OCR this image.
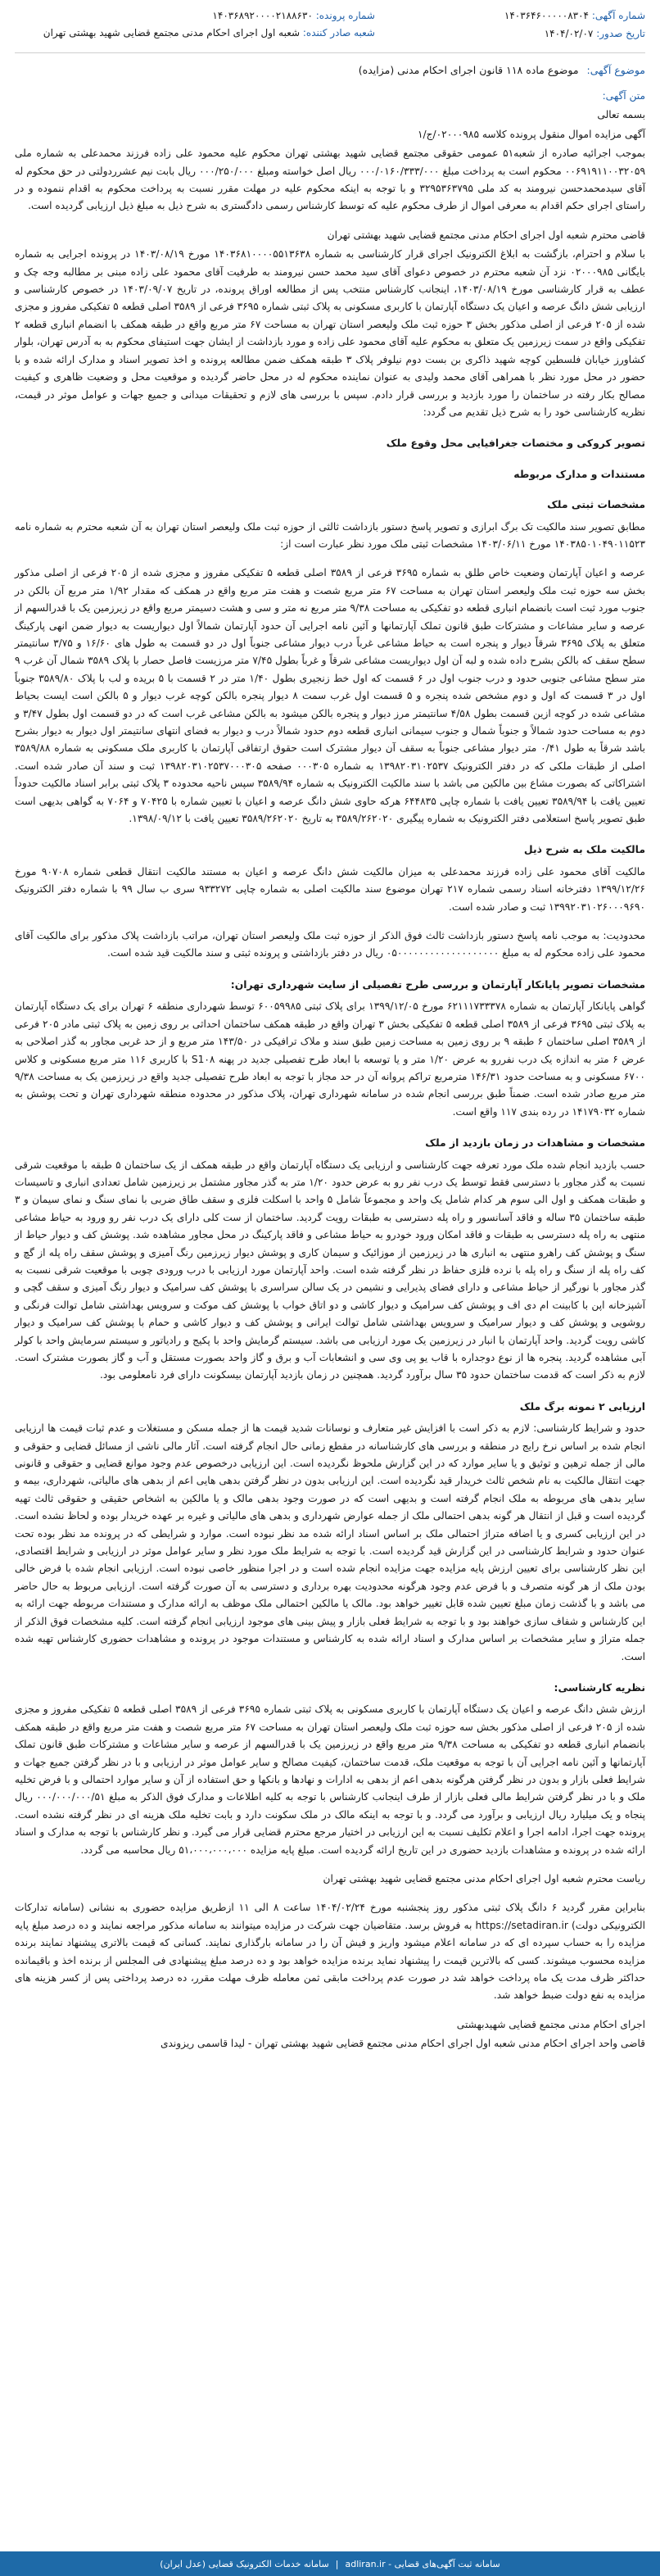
شماره آگهی: ۱۴۰۳۶۴۶۰۰۰۰۰۸۳۰۴
تاریخ صدور: ۱۴۰۴/۰۲/۰۷
شماره پرونده: ۱۴۰۳۶۸۹۲۰۰۰۰۲۱۸۸۶۳۰
شعبه صادر کننده: شعبه اول اجرای احکام مدنی مجتمع قضایی شهید بهشتی تهران
موضوع آگهی: موضوع ماده ۱۱۸ قانون اجرای احکام مدنی (مزایده)

متن آگهی:

بسمه تعالی

آگهی مزایده اموال منقول پرونده کلاسه ۰۲۰۰۰۹۸۵/ج/۱

بموجب اجرائیه صادره از شعبه۵۱ عمومی حقوقی مجتمع قضایی شهید بهشتی تهران محکوم علیه محمود علی زاده فرزند محمدعلی به شماره ملی ۰۰۶۹۱۹۱۱۰۰۳۲۰۵۹ محکوم است به پرداخت مبلغ ۰۰۰/۰۱۶۰/۳۳۳/۰۰۰ ریال اصل خواسته ومبلغ ۰۰۰/۲۵۰/۰۰۰ ریال بابت نیم عشرردولتی در حق محکوم له آقای سیدمحمدحسن نیرومند به کد ملی ۳۲۹۵۳۶۳۷۹۵ و با توجه به اینکه محکوم علیه در مهلت مقرر نسبت به پرداخت محکوم به اقدام ننموده و در راستای اجرای حکم اقدام به معرفی اموال از طرف محکوم علیه که توسط کارشناس رسمی دادگستری به شرح ذیل به مبلغ ذیل ارزیابی گردیده است.

قاضی محترم شعبه اول اجرای احکام مدنی مجتمع قضایی شهید بهشتی تهران

با سلام و احترام، بازگشت به ابلاغ الکترونیک اجرای قرار کارشناسی به شماره ۱۴۰۳۶۸۱۰۰۰۰۵۵۱۳۶۳۸ مورخ ۱۴۰۳/۰۸/۱۹ در پرونده اجرایی به شماره بایگانی ۰۲۰۰۰۹۸۵ نزد آن شعبه محترم در خصوص دعوای آقای سید محمد حسن نیرومند به طرفیت آقای محمود علی زاده مبنی بر مطالبه وجه چک و عطف به قرار کارشناسی مورخ ۱۴۰۳/۰۸/۱۹، اینجانب کارشناس منتخب پس از مطالعه اوراق پرونده، در تاریخ ۱۴۰۳/۰۹/۰۷ در خصوص کارشناسی و ارزیابی شش دانگ عرصه و اعیان یک دستگاه آپارتمان با کاربری مسکونی به پلاک ثبتی شماره ۳۶۹۵ فرعی از ۳۵۸۹ اصلی قطعه ۵ تفکیکی مفروز و مجزی شده از ۲۰۵ فرعی از اصلی مذکور بخش ۳ حوزه ثبت ملک ولیعصر استان تهران به مساحت ۶۷ متر مربع واقع در طبقه همکف با انضمام انباری قطعه ۲ تفکیکی واقع در سمت زیرزمین یک متعلق به محکوم علیه آقای محمود علی زاده و مورد بازداشت از ایشان جهت استیفای محکوم به به آدرس تهران، بلوار کشاورز خیابان فلسطین کوچه شهید ذاکری بن بست دوم نیلوفر پلاک ۳ طبقه همکف ضمن مطالعه پرونده و اخذ تصویر اسناد و مدارک ارائه شده و با حضور در محل مورد نظر با همراهی آقای محمد ولیدی به عنوان نماینده محکوم له در محل حاضر گردیده و موقعیت محل و وضعیت ظاهری و کیفیت مصالح بکار رفته در ساختمان را مورد بازدید و بررسی قرار دادم. سپس با بررسی های لازم و تحقیقات میدانی و جمیع جهات و عوامل موثر در قیمت، نظریه کارشناسی خود را به شرح ذیل تقدیم می گردد:

تصویر کروکی و مختصات جغرافیایی محل وقوع ملک
مستندات و مدارک مربوطه
مشخصات ثبتی ملک

مطابق تصویر سند مالکیت تک برگ ابرازی و تصویر پاسخ دستور بازداشت ثالثی از حوزه ثبت ملک ولیعصر استان تهران به آن شعبه محترم به شماره نامه ۱۴۰۳۸۵۰۱۰۴۹۰۱۱۵۲۳ مورخ ۱۴۰۳/۰۶/۱۱ مشخصات ثبتی ملک مورد نظر عبارت است از:

عرصه و اعیان آپارتمان وضعیت خاص طلق به شماره ۳۶۹۵ فرعی از ۳۵۸۹ اصلی قطعه ۵ تفکیکی مفروز و مجزی شده از ۲۰۵ فرعی از اصلی مذکور بخش سه حوزه ثبت ملک ولیعصر استان تهران به مساحت ۶۷ متر مربع شصت و هفت متر مربع واقع در همکف که مقدار ۱/۹۲ متر مربع آن بالکن در جنوب مورد ثبت است بانضمام انباری قطعه دو تفکیکی به مساحت ۹/۳۸ متر مربع نه متر و سی و هشت دسیمتر مربع واقع در زیرزمین یک با قدرالسهم از عرصه و سایر مشاعات و مشترکات طبق قانون تملک آپارتمانها و آئین نامه اجرایی آن حدود آپارتمان شمالاً اول دیواریست به دیوار ضمن انهی پارکینگ متعلق به پلاک ۳۶۹۵ شرقاً دیوار و پنجره است به حیاط مشاعی غرباً درب دیوار مشاعی جنوباً اول در دو قسمت به طول های ۱۶/۶۰ و ۳/۷۵ سانتیمتر سطح سقف که بالکن بشرح داده شده و لبه آن اول دیواریست مشاعی شرقاً و غرباً بطول ۷/۴۵ متر مرزیست فاصل حصار با پلاک ۳۵۸۹ شمال آن غرب ۹ متر سطح مشاعی جنوبی حدود و درب جنوب اول در ۶ قسمت که اول خط زنجیری بطول ۱/۴۰ متر در ۲ قسمت با ۵ بریده و لب با پلاک ۳۵۸۹/۸۰ جنوباً اول در ۳ قسمت که اول و دوم مشخص شده پنجره و ۵ قسمت اول غرب سمت ۸ دیوار پنجره بالکن کوچه غرب دیوار و ۵ بالکن است ایست بحیاط مشاعی شده در کوچه ازین قسمت بطول ۴/۵۸ سانتیمتر مرز دیوار و پنجره بالکن میشود به بالکن مشاعی غرب است که در دو قسمت اول بطول ۳/۴۷ و دوم به مساحت حدود شمالاً و جنوباً شمال و جنوب سیمانی انباری قطعه دوم حدود شمالاً درب و دیوار به فضای انتهای سانتیمتر اول دیوار به دیوار بشرح باشد شرقاً به طول ۰/۴۱ متر دیوار مشاعی جنوباً به سقف آن دیوار مشترک است حقوق ارتفاقی آپارتمان با کاربری ملک مسکونی به شماره ۳۵۸۹/۸۸ اصلی از طبقات ملکی که در دفتر الکترونیک ۱۳۹۸۲۰۳۱۰۲۵۳۷ به شماره ۰۰۰۳۰۵ صفحه ۱۳۹۸۲۰۳۱۰۲۵۳۷۰۰۰۳۰۵ ثبت و سند آن صادر شده است. اشتراکاتی که بصورت مشاع بین مالکین می باشد با سند مالکیت الکترونیک به شماره ۳۵۸۹/۹۴ سپس ناحیه محدوده ۳ پلاک ثبتی برابر اسناد مالکیت حدوداً تعیین یافت با ۳۵۸۹/۹۴ تعیین یافت با شماره چاپی ۶۴۴۸۳۵ هرکه حاوی شش دانگ عرصه و اعیان با تعیین شماره با ۷۰۴۲۵ و ۷۰۶۴ به گواهی بدیهی است طبق تصویر پاسخ استعلامی دفتر الکترونیک به شماره پیگیری ۳۵۸۹/۲۶۲۰۲۰ به تاریخ ۳۵۸۹/۲۶۲۰۲۰ تعیین یافت با ۱۳۹۸/۰۹/۱۲.

مالکیت ملک به شرح ذیل

مالکیت آقای محمود علی زاده فرزند محمدعلی به میزان مالکیت شش دانگ عرصه و اعیان به مستند مالکیت انتقال قطعی شماره ۹۰۷۰۸ مورخ ۱۳۹۹/۱۲/۲۶ دفترخانه اسناد رسمی شماره ۲۱۷ تهران موضوع سند مالکیت اصلی به شماره چاپی ۹۳۳۲۷۲ سری ب سال ۹۹ با شماره دفتر الکترونیک ۱۳۹۹۲۰۳۱۰۲۶۰۰۰۹۶۹۰ ثبت و صادر شده است.

محدودیت: به موجب نامه پاسخ دستور بازداشت ثالث فوق الذکر از حوزه ثبت ملک ولیعصر استان تهران، مراتب بازداشت پلاک مذکور برای مالکیت آقای محمود علی زاده محکوم له به مبلغ ۰۵۰۰۰۰۰۰۰۰۰۰۰۰۰۰۰۰۰۰۰ ریال در دفتر بازداشتی و پرونده ثبتی و سند مالکیت قید شده است.

مشخصات تصویر پایانکار آپارتمان و بررسی طرح تفصیلی از سایت شهرداری تهران:

گواهی پایانکار آپارتمان به شماره ۶۲۱۱۱۷۳۳۳۷۸ مورخ ۱۳۹۹/۱۲/۰۵ برای پلاک ثبتی ۶۰۰۵۹۹۸۵ توسط شهرداری منطقه ۶ تهران برای یک دستگاه آپارتمان به پلاک ثبتی ۳۶۹۵ فرعی از ۳۵۸۹ اصلی قطعه ۵ تفکیکی بخش ۳ تهران واقع در طبقه همکف ساختمان احداثی بر روی زمین به پلاک ثبتی مادر ۲۰۵ فرعی از ۳۵۸۹ اصلی ساختمان ۶ طبقه ۹ بر روی زمین به مساحت زمین طبق سند و ملاک ترافیکی در ۱۴۳/۵۰ متر مربع و از حد غربی مجاور به گذر اصلاحی به عرض ۶ متر به اندازه یک درب نفررو به عرض ۱/۲۰ متر و یا توسعه با ابعاد طرح تفصیلی جدید در پهنه S1۰۸ با کاربری ۱۱۶ متر مربع مسکونی و کلاس ۶۷۰۰ مسکونی و به مساحت حدود ۱۴۶/۳۱ مترمربع تراکم پروانه آن در حد مجاز با توجه به ابعاد طرح تفصیلی جدید واقع در زیرزمین یک به مساحت ۹/۳۸ متر مربع صادر شده است. ضمناً طبق بررسی انجام شده در سامانه شهرداری تهران، پلاک مذکور در محدوده منطقه شهرداری تهران و تحت پوشش به شماره ۱۴۱۷۹۰۳۲ در رده بندی ۱۱۷ واقع است.

مشخصات و مشاهدات در زمان بازدید از ملک

حسب بازدید انجام شده ملک مورد تعرفه جهت کارشناسی و ارزیابی یک دستگاه آپارتمان واقع در طبقه همکف از یک ساختمان ۵ طبقه با موقعیت شرقی نسبت به گذر مجاور با دسترسی فقط توسط یک درب نفر رو به عرض حدود ۱/۲۰ متر به گذر مجاور مشتمل بر زیرزمین شامل تعدادی انباری و تاسیسات و طبقات همکف و اول الی سوم هر کدام شامل یک واحد و مجموعاً شامل ۵ واحد با اسکلت فلزی و سقف طاق ضربی با نمای سنگ و نمای سیمان و ۳ طبقه ساختمان ۳۵ ساله و فاقد آسانسور و راه پله دسترسی به طبقات رویت گردید. ساختمان از ست کلی دارای یک درب نفر رو ورود به حیاط مشاعی منتهی به راه پله دسترسی به طبقات و فاقد امکان ورود خودرو به حیاط مشاعی و فاقد پارکینگ در محل مجاور مشاهده شد. پوشش کف و دیوار حیاط از سنگ و پوشش کف راهرو منتهی به انباری ها در زیرزمین از موزائیک و سیمان کاری و پوشش دیوار زیرزمین رنگ آمیزی و پوشش سقف راه پله از گچ و کف راه پله از سنگ و راه پله با نرده فلزی حفاظ در نظر گرفته شده است. واحد آپارتمان مورد ارزیابی با درب ورودی چوبی با موقعیت شرقی نسبت به گذر مجاور با نورگیر از حیاط مشاعی و دارای فضای پذیرایی و نشیمن در یک سالن سراسری با پوشش کف سرامیک و دیوار رنگ آمیزی و سقف گچی و آشپزخانه اپن با کابینت ام دی اف و پوشش کف سرامیک و دیوار کاشی و دو اتاق خواب با پوشش کف موکت و سرویس بهداشتی شامل توالت فرنگی و روشویی و پوشش کف و دیوار سرامیک و سرویس بهداشتی شامل توالت ایرانی و پوشش کف و دیوار کاشی و حمام با پوشش کف سرامیک و دیوار کاشی رویت گردید. واحد آپارتمان با انبار در زیرزمین یک مورد ارزیابی می باشد. سیستم گرمایش واحد با پکیج و رادیاتور و سیستم سرمایش واحد با کولر آبی مشاهده گردید. پنجره ها از نوع دوجداره با قاب یو پی وی سی و انشعابات آب و برق و گاز واحد بصورت مستقل و آب و گاز بصورت مشترک است. لازم به ذکر است که قدمت ساختمان حدود ۳۵ سال برآورد گردید. همچنین در زمان بازدید آپارتمان بیسکونت دارای فرد نامعلومی بود.

ارزیابی ۲ نمونه برگ ملک

حدود و شرایط کارشناسی: لازم به ذکر است با افزایش غیر متعارف و نوسانات شدید قیمت ها از جمله مسکن و مستغلات و عدم ثبات قیمت ها ارزیابی انجام شده بر اساس نرخ رایج در منطقه و بررسی های کارشناسانه در مقطع زمانی حال انجام گرفته است. آثار مالی ناشی از مسائل قضایی و حقوقی و مالی از جمله ترهین و توثیق و یا سایر موارد که در این گزارش ملحوظ نگردیده است. این ارزیابی درخصوص عدم وجود موانع قضایی و حقوقی و قانونی جهت انتقال مالکیت به نام شخص ثالث خریدار قید نگردیده است. این ارزیابی بدون در نظر گرفتن بدهی هایی اعم از بدهی های مالیاتی، شهرداری، بیمه و سایر بدهی های مربوطه به ملک انجام گرفته است و بدیهی است که در صورت وجود بدهی مالک و یا مالکین به اشخاص حقیقی و حقوقی ثالث تهیه گردیده است و قبل از انتقال هر گونه بدهی احتمالی ملک از جمله عوارض شهرداری و بدهی های مالیاتی و غیره بر عهده خریدار بوده و لحاظ نشده است. در این ارزیابی کسری و یا اضافه متراژ احتمالی ملک بر اساس اسناد ارائه شده مد نظر نبوده است. موارد و شرایطی که در پرونده مد نظر بوده تحت عنوان حدود و شرایط کارشناسی در این گزارش قید گردیده است. با توجه به شرایط ملک مورد نظر و سایر عوامل موثر در ارزیابی و شرایط اقتصادی، این نظر کارشناسی برای تعیین ارزش پایه مزایده جهت مزایده انجام شده است و در اجرا منظور خاصی نبوده است. ارزیابی انجام شده با فرض خالی بودن ملک از هر گونه متصرف و با فرض عدم وجود هرگونه محدودیت بهره برداری و دسترسی به آن صورت گرفته است. ارزیابی مربوط به حال حاضر می باشد و با گذشت زمان مبلغ تعیین شده قابل تغییر خواهد بود. مالک یا مالکین احتمالی ملک موظف به ارائه مدارک و مستندات مربوطه جهت ارائه به این کارشناس و شفاف سازی خواهند بود و با توجه به شرایط فعلی بازار و پیش بینی های موجود ارزیابی انجام گرفته است. کلیه مشخصات فوق الذکر از جمله متراژ و سایر مشخصات بر اساس مدارک و اسناد ارائه شده به کارشناس و مستندات موجود در پرونده و مشاهدات حضوری کارشناس تهیه شده است.

نظریه کارشناسی:

ارزش شش دانگ عرصه و اعیان یک دستگاه آپارتمان با کاربری مسکونی به پلاک ثبتی شماره ۳۶۹۵ فرعی از ۳۵۸۹ اصلی قطعه ۵ تفکیکی مفروز و مجزی شده از ۲۰۵ فرعی از اصلی مذکور بخش سه حوزه ثبت ملک ولیعصر استان تهران به مساحت ۶۷ متر مربع شصت و هفت متر مربع واقع در طبقه همکف بانضمام انباری قطعه دو تفکیکی به مساحت ۹/۳۸ متر مربع واقع در زیرزمین یک با قدرالسهم از عرصه و سایر مشاعات و مشترکات طبق قانون تملک آپارتمانها و آئین نامه اجرایی آن با توجه به موقعیت ملک، قدمت ساختمان، کیفیت مصالح و سایر عوامل موثر در ارزیابی و با در نظر گرفتن جمیع جهات و شرایط فعلی بازار و بدون در نظر گرفتن هرگونه بدهی اعم از بدهی به ادارات و نهادها و بانکها و حق استفاده از آن و سایر موارد احتمالی و با فرض تخلیه ملک و با در نظر گرفتن شرایط مالی فعلی بازار از طرف اینجانب کارشناس با توجه به کلیه اطلاعات و مدارک فوق الذکر به مبلغ ۰۰۰/۰۰۰/۰۰۰/۵۱ ریال پنجاه و یک میلیارد ریال ارزیابی و برآورد می گردد. و با توجه به اینکه مالک در ملک سکونت دارد و بابت تخلیه ملک هزینه ای در نظر گرفته نشده است. پرونده جهت اجرا، ادامه اجرا و اعلام تکلیف نسبت به این ارزیابی در اختیار مرجع محترم قضایی قرار می گیرد. و نظر کارشناس با توجه به مدارک و اسناد ارائه شده در پرونده و مشاهدات بازدید حضوری در این تاریخ ارائه گردیده است. مبلغ پایه مزایده ۵۱،۰۰۰،۰۰۰،۰۰۰ ریال محاسبه می گردد.

ریاست محترم شعبه اول اجرای احکام مدنی مجتمع قضایی شهید بهشتی تهران

بنابراین مقرر گردید ۶ دانگ پلاک ثبتی مذکور روز پنجشنبه مورخ ۱۴۰۴/۰۲/۲۴ ساعت ۸ الی ۱۱ ازطریق مزایده حضوری به نشانی (سامانه تدارکات الکترونیکی دولت) https://setadiran.ir به فروش برسد. متقاضیان جهت شرکت در مزایده میتوانند به سامانه مذکور مراجعه نمایند و ده درصد مبلغ پایه مزایده را به حساب سپرده ای که در سامانه اعلام میشود واریز و فیش آن را در سامانه بارگذاری نمایند. کسانی که قیمت بالاتری پیشنهاد نمایند برنده مزایده محسوب میشوند. کسی که بالاترین قیمت را پیشنهاد نماید برنده مزایده خواهد بود و ده درصد مبلغ پیشنهادی فی المجلس از برنده اخذ و باقیمانده حداکثر ظرف مدت یک ماه پرداخت خواهد شد در صورت عدم پرداخت مابقی ثمن معامله ظرف مهلت مقرر، ده درصد پرداختی پس از کسر هزینه های مزایده به نفع دولت ضبط خواهد شد.

اجرای احکام مدنی مجتمع قضایی شهیدبهشتی

قاضی واحد اجرای احکام مدنی شعبه اول اجرای احکام مدنی مجتمع قضایی شهید بهشتی تهران - لیدا قاسمی ریزوندی

سامانه ثبت آگهی‌های قضایی - adliran.ir
|
سامانه خدمات الکترونیک قضایی (عدل ایران)
